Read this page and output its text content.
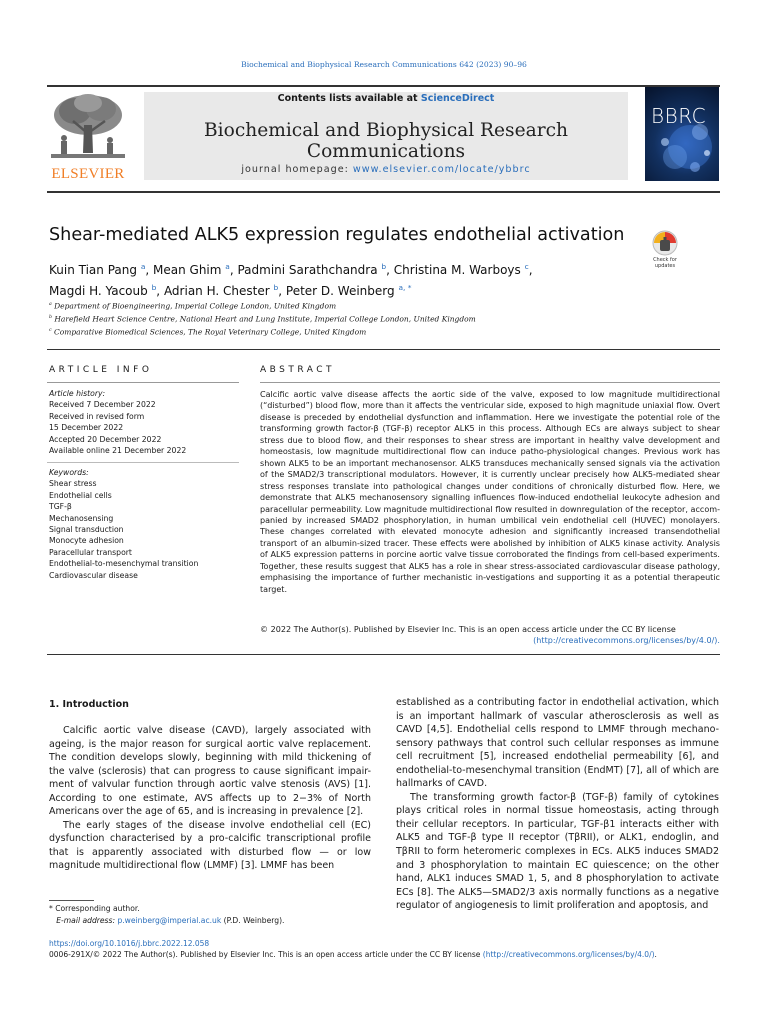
Biochemical and Biophysical Research Communications 642 (2023) 90–96
ELSEVIER
Contents lists available at ScienceDirect
Biochemical and Biophysical Research Communications
journal homepage: www.elsevier.com/locate/ybbrc
BBRC
Shear-mediated ALK5 expression regulates endothelial activation
Check for
updates
Kuin Tian Pang $^a$, Mean Ghim $^a$, Padmini Sarathchandra $^b$, Christina M. Warboys $^c$,
Magdi H. Yacoub $^b$, Adrian H. Chester $^b$, Peter D. Weinberg $^{a, *}$
$^a$ Department of Bioengineering, Imperial College London, United Kingdom
$^b$ Harefield Heart Science Centre, National Heart and Lung Institute, Imperial College London, United Kingdom
$^c$ Comparative Biomedical Sciences, The Royal Veterinary College, United Kingdom
ARTICLE INFO
Article history:
Received 7 December 2022
Received in revised form
15 December 2022
Accepted 20 December 2022
Available online 21 December 2022
Keywords:
Shear stress
Endothelial cells
TGF-β
Mechanosensing
Signal transduction
Monocyte adhesion
Paracellular transport
Endothelial-to-mesenchymal transition
Cardiovascular disease
ABSTRACT
Calcific aortic valve disease affects the aortic side of the valve, exposed to low magnitude multidirectional (“disturbed”) blood flow, more than it affects the ventricular side, exposed to high magnitude uniaxial flow. Overt disease is preceded by endothelial dysfunction and inflammation. Here we investigate the potential role of the transforming growth factor-β (TGF-β) receptor ALK5 in this process. Although ECs are always subject to shear stress due to blood flow, and their responses to shear stress are important in healthy valve development and homeostasis, low magnitude multidirectional flow can induce patho-physiological changes. Previous work has shown ALK5 to be an important mechanosensor. ALK5 transduces mechanically sensed signals via the activation of the SMAD2/3 transcriptional modulators. However, it is currently unclear precisely how ALK5-mediated shear stress responses translate into pathological changes under conditions of chronically disturbed flow. Here, we demonstrate that ALK5 mechanosensory signalling influences flow-induced endothelial leukocyte adhesion and paracellular permeability. Low magnitude multidirectional flow resulted in downregulation of the receptor, accom-panied by increased SMAD2 phosphorylation, in human umbilical vein endothelial cell (HUVEC) monolayers. These changes correlated with elevated monocyte adhesion and significantly increased transendothelial transport of an albumin-sized tracer. These effects were abolished by inhibition of ALK5 kinase activity. Analysis of ALK5 expression patterns in porcine aortic valve tissue corroborated the findings from cell-based experiments. Together, these results suggest that ALK5 has a role in shear stress-associated cardiovascular disease pathology, emphasising the importance of further mechanistic in-vestigations and supporting it as a potential therapeutic target.
© 2022 The Author(s). Published by Elsevier Inc. This is an open access article under the CC BY license
(http://creativecommons.org/licenses/by/4.0/).
1. Introduction

Calcific aortic valve disease (CAVD), largely associated with ageing, is the major reason for surgical aortic valve replacement. The condition develops slowly, beginning with mild thickening of the valve (sclerosis) that can progress to cause significant impair-ment of valvular function through aortic valve stenosis (AVS) [1]. According to one estimate, AVS affects up to 2−3% of North Americans over the age of 65, and is increasing in prevalence [2].

The early stages of the disease involve endothelial cell (EC) dysfunction characterised by a pro-calcific transcriptional profile that is apparently associated with disturbed flow — or low magnitude multidirectional flow (LMMF) [3]. LMMF has been

established as a contributing factor in endothelial activation, which is an important hallmark of vascular atherosclerosis as well as CAVD [4,5]. Endothelial cells respond to LMMF through mechano-sensory pathways that control such cellular responses as immune cell recruitment [5], increased endothelial permeability [6], and endothelial-to-mesenchymal transition (EndMT) [7], all of which are hallmarks of CAVD.

The transforming growth factor-β (TGF-β) family of cytokines plays critical roles in normal tissue homeostasis, acting through their cellular receptors. In particular, TGF-β1 interacts either with ALK5 and TGF-β type II receptor (TβRII), or ALK1, endoglin, and TβRII to form heteromeric complexes in ECs. ALK5 induces SMAD2 and 3 phosphorylation to maintain EC quiescence; on the other hand, ALK1 induces SMAD 1, 5, and 8 phosphorylation to activate ECs [8]. The ALK5—SMAD2/3 axis normally functions as a negative regulator of angiogenesis to limit proliferation and apoptosis, and

* Corresponding author.
E-mail address: p.weinberg@imperial.ac.uk (P.D. Weinberg).
https://doi.org/10.1016/j.bbrc.2022.12.058
0006-291X/© 2022 The Author(s). Published by Elsevier Inc. This is an open access article under the CC BY license (http://creativecommons.org/licenses/by/4.0/).
